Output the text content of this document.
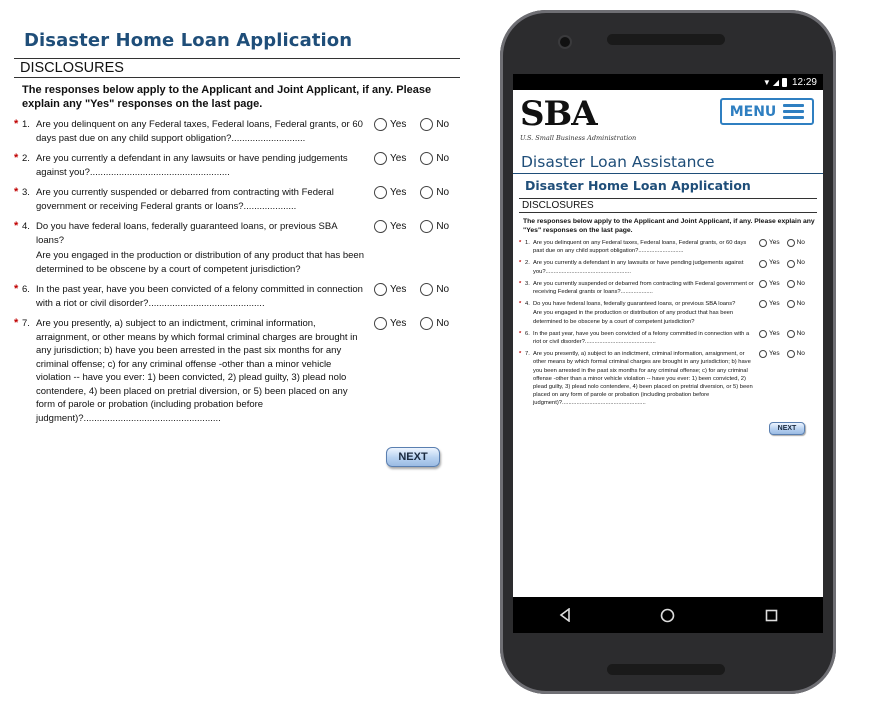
Disaster Home Loan Application
DISCLOSURES
The responses below apply to the Applicant and Joint Applicant, if any. Please explain any "Yes" responses on the last page.
* 1. Are you delinquent on any Federal taxes, Federal loans, Federal grants, or 60 days past due on any child support obligation?............................
Yes	No
* 2. Are you currently a defendant in any lawsuits or have pending judgements against you?.....................................................
Yes	No
* 3. Are you currently suspended or debarred from contracting with Federal government or receiving Federal grants or loans?....................
Yes	No
* 4. Do you have federal loans, federally guaranteed loans, or previous SBA loans?
Yes	No
Are you engaged in the production or distribution of any product that has been determined to be obscene by a court of competent jurisdiction?
* 6. In the past year, have you been convicted of a felony committed in connection with a riot or civil disorder?............................................
Yes	No
* 7. Are you presently, a) subject to an indictment, criminal information, arraignment, or other means by which formal criminal charges are brought in any jurisdiction; b) have you been arrested in the past six months for any criminal offense; c) for any criminal offense -other than a minor vehicle violation -- have you ever: 1) been convicted, 2) plead guilty, 3) plead nolo contendere, 4) been placed on pretrial diversion, or 5) been placed on any form of parole or probation (including probation before judgment)?....................................................
Yes	No
NEXT
▼ ◢ 12:29
SBA
U.S. Small Business Administration
MENU
Disaster Loan Assistance
Disaster Home Loan Application
DISCLOSURES
The responses below apply to the Applicant and Joint Applicant, if any. Please explain any "Yes" responses on the last page.
* 1. Are you delinquent on any Federal taxes, Federal loans, Federal grants, or 60 days past due on any child support obligation?............................
Yes	No
* 2. Are you currently a defendant in any lawsuits or have pending judgements against you?.....................................................
Yes	No
* 3. Are you currently suspended or debarred from contracting with Federal government or receiving Federal grants or loans?....................
Yes	No
* 4. Do you have federal loans, federally guaranteed loans, or previous SBA loans?	Yes	No
Are you engaged in the production or distribution of any product that has been determined to be obscene by a court of competent jurisdiction?
* 6. In the past year, have you been convicted of a felony committed in connection with a riot or civil disorder?............................................
Yes	No
* 7. Are you presently, a) subject to an indictment, criminal information, arraignment, or other means by which formal criminal charges are brought in any jurisdiction; b) have you been arrested in the past six months for any criminal offense; c) for any criminal offense -other than a minor vehicle violation -- have you ever: 1) been convicted, 2) plead guilty, 3) plead nolo contendere, 4) been placed on pretrial diversion, or 5) been placed on any form of parole or probation (including probation before judgment)?....................................................
Yes	No
NEXT
